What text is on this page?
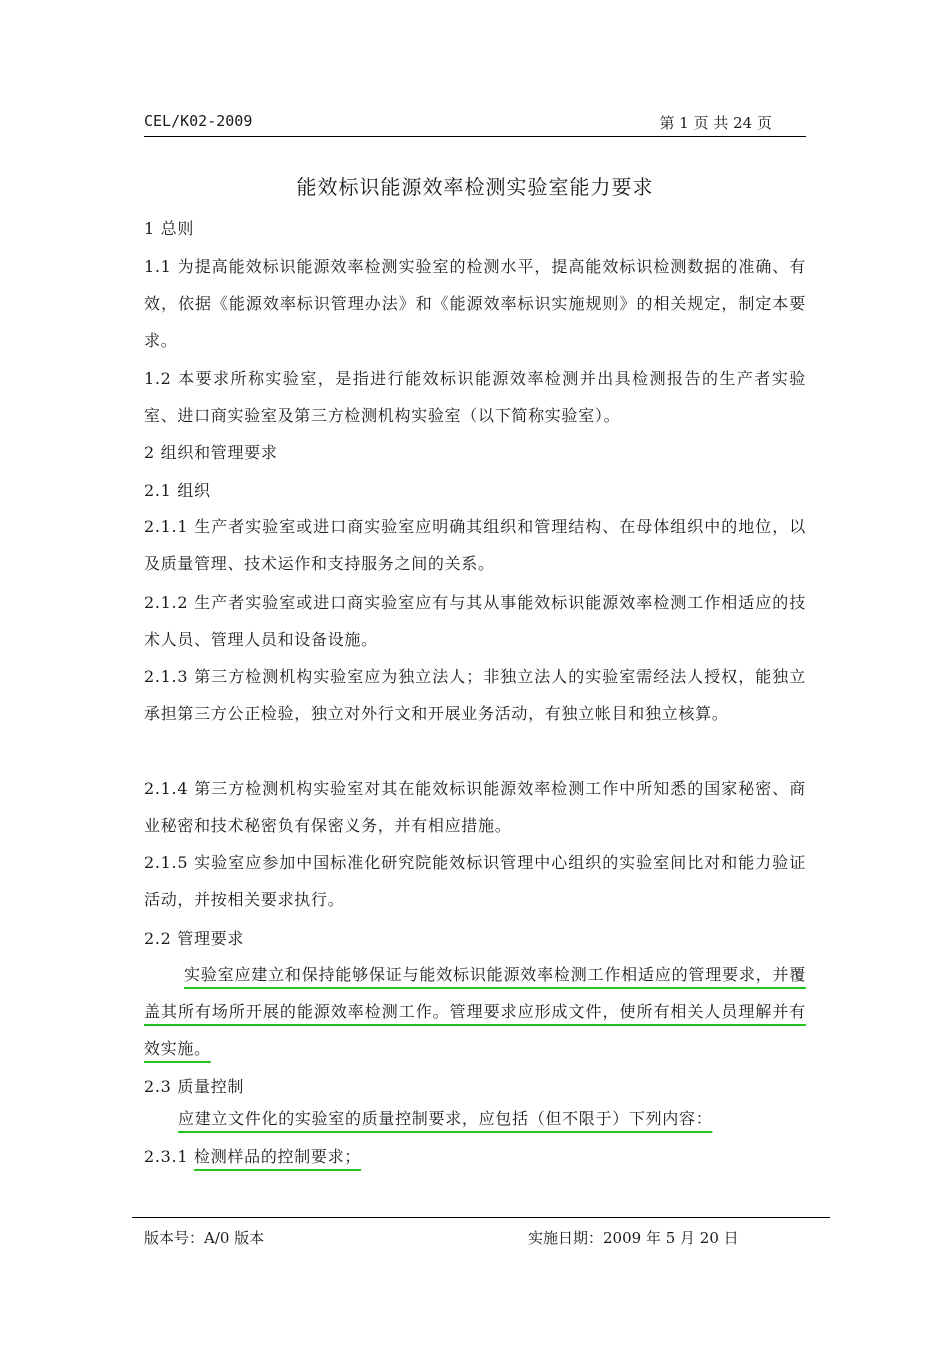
CEL/K02-2009	第 1 页 共 24 页
能效标识能源效率检测实验室能力要求

1 总则

1.1 为提高能效标识能源效率检测实验室的检测水平，提高能效标识检测数据的准确、有效，依据《能源效率标识管理办法》和《能源效率标识实施规则》的相关规定，制定本要求。

1.2 本要求所称实验室，是指进行能效标识能源效率检测并出具检测报告的生产者实验室、进口商实验室及第三方检测机构实验室（以下简称实验室）。

2 组织和管理要求

2.1 组织

2.1.1 生产者实验室或进口商实验室应明确其组织和管理结构、在母体组织中的地位，以及质量管理、技术运作和支持服务之间的关系。

2.1.2 生产者实验室或进口商实验室应有与其从事能效标识能源效率检测工作相适应的技术人员、管理人员和设备设施。

2.1.3 第三方检测机构实验室应为独立法人；非独立法人的实验室需经法人授权，能独立承担第三方公正检验，独立对外行文和开展业务活动，有独立帐目和独立核算。

2.1.4 第三方检测机构实验室对其在能效标识能源效率检测工作中所知悉的国家秘密、商业秘密和技术秘密负有保密义务，并有相应措施。

2.1.5 实验室应参加中国标准化研究院能效标识管理中心组织的实验室间比对和能力验证活动，并按相关要求执行。

2.2 管理要求

实验室应建立和保持能够保证与能效标识能源效率检测工作相适应的管理要求，并覆盖其所有场所开展的能源效率检测工作。管理要求应形成文件，使所有相关人员理解并有效实施。

2.3 质量控制

应建立文件化的实验室的质量控制要求，应包括（但不限于）下列内容：

2.3.1 检测样品的控制要求；

版本号：A/0 版本	实施日期：2009 年 5 月 20 日
